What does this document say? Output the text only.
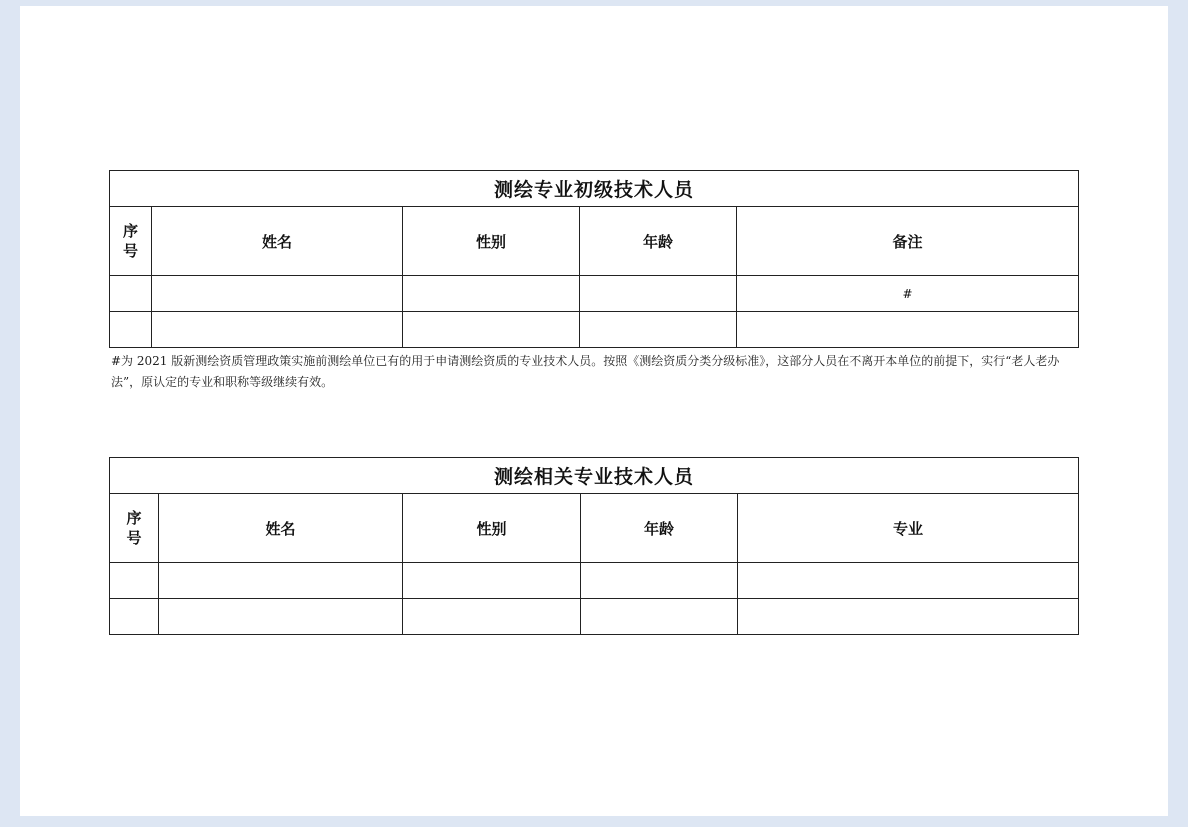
测绘专业初级技术人员				

序
号	姓名	性别	年龄	备注
				#

#为 2021 版新测绘资质管理政策实施前测绘单位已有的用于申请测绘资质的专业技术人员。按照《测绘资质分类分级标准》，这部分人员在不离开本单位的前提下，实行“老人老办法”，原认定的专业和职称等级继续有效。
测绘相关专业技术人员				

序
号	姓名	性别	年龄	专业
